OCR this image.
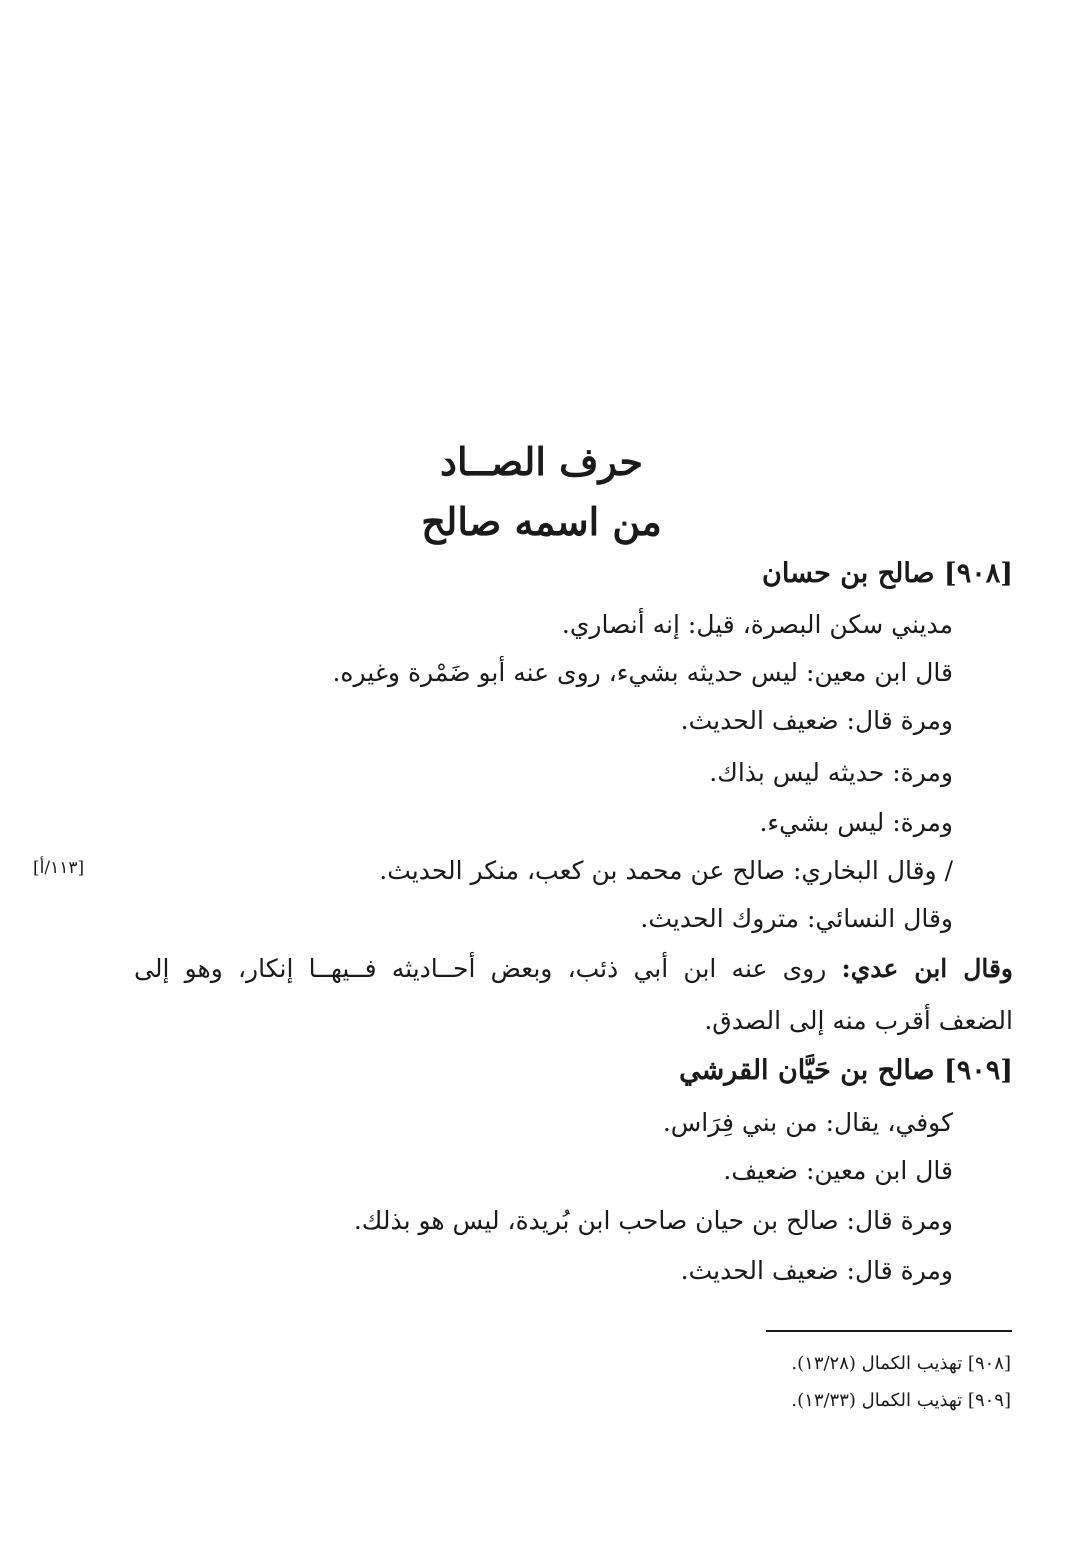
حرف الصــاد
من اسمه صالح
[٩٠٨] صالح بن حسان
مديني سكن البصرة، قيل: إنه أنصاري.
قال ابن معين: ليس حديثه بشيء، روى عنه أبو ضَمْرة وغيره.
ومرة قال: ضعيف الحديث.
ومرة: حديثه ليس بذاك.
ومرة: ليس بشيء.
/ وقال البخاري: صالح عن محمد بن كعب، منكر الحديث.
وقال النسائي: متروك الحديث.
وقال ابن عدي: روى عنه ابن أبي ذئب، وبعض أحــاديثه فــيهــا إنكار، وهو إلى
الضعف أقرب منه إلى الصدق.
[١١٣/أ]
[٩٠٩] صالح بن حَيَّان القرشي
كوفي، يقال: من بني فِرَاس.
قال ابن معين: ضعيف.
ومرة قال: صالح بن حيان صاحب ابن بُريدة، ليس هو بذلك.
ومرة قال: ضعيف الحديث.
[٩٠٨] تهذيب الكمال (١٣/٢٨).
[٩٠٩] تهذيب الكمال (١٣/٣٣).
